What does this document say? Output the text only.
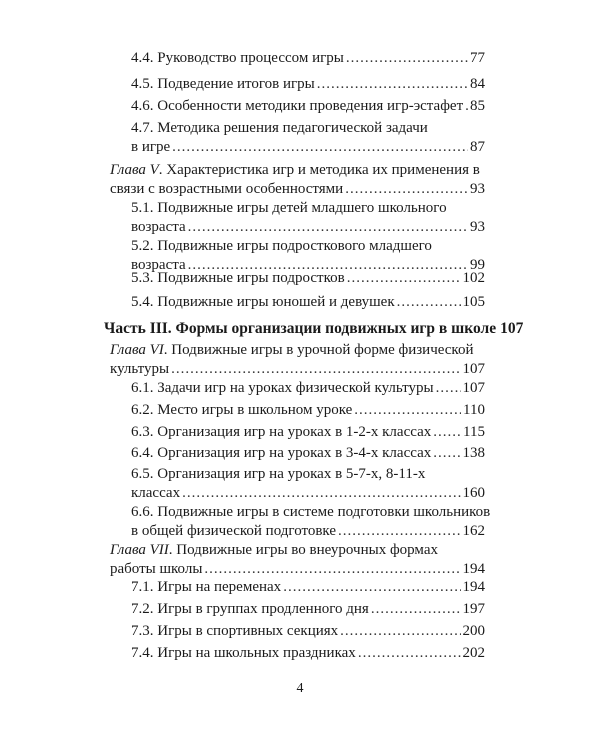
4.4. Руководство процессом игры .....	77
4.5. Подведение итогов игры .....	84
4.6. Особенности методики проведения игр-эстафет ..... 85
4.7. Методика решения педагогической задачи
в игре .....	87
Глава V. Характеристика игр и методика их применения в
связи с возрастными особенностями .....	93
5.1. Подвижные игры детей младшего школьного
возраста .....	93
5.2. Подвижные игры подросткового младшего
возраста .....	99
5.3. Подвижные игры подростков .....	102
5.4. Подвижные игры юношей и девушек .....	105
Часть III. Формы организации подвижных игр в школе 107
Глава VI. Подвижные игры в урочной форме физической
культуры .....	107
6.1. Задачи игр на уроках физической культуры ..... 107
6.2. Место игры в школьном уроке .....	110
6.3. Организация игр на уроках в 1-2-х классах ..... 115
6.4. Организация игр на уроках в 3-4-х классах ..... 138
6.5. Организация игр на уроках в 5-7-х, 8-11-х
классах .....	160
6.6. Подвижные игры в системе подготовки школьников
в общей физической подготовке .....	162
Глава VII. Подвижные игры во внеурочных формах
работы школы .....	194
7.1. Игры на переменах .....	194
7.2. Игры в группах продленного дня .....	197
7.3. Игры в спортивных секциях .....	200
7.4. Игры на школьных праздниках .....	202
4
